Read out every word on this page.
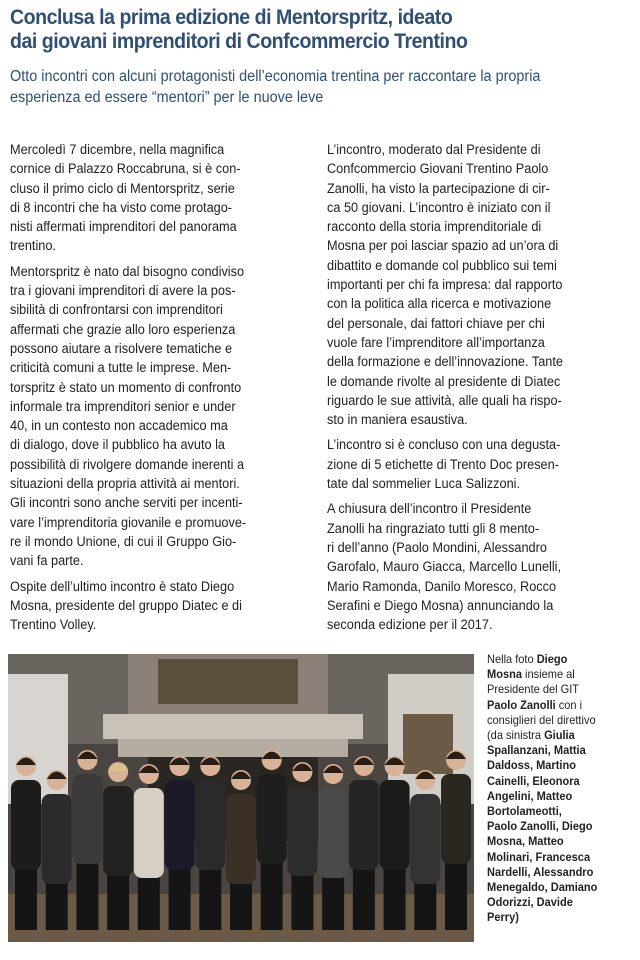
Conclusa la prima edizione di Mentorspritz, ideato
dai giovani imprenditori di Confcommercio Trentino
Otto incontri con alcuni protagonisti dell’economia trentina per raccontare la propria
esperienza ed essere “mentori” per le nuove leve

Mercoledì 7 dicembre, nella magnifica
cornice di Palazzo Roccabruna, si è con-
cluso il primo ciclo di Mentorspritz, serie
di 8 incontri che ha visto come protago-
nisti affermati imprenditori del panorama
trentino.

Mentorspritz è nato dal bisogno condiviso
tra i giovani imprenditori di avere la pos-
sibilità di confrontarsi con imprenditori
affermati che grazie allo loro esperienza
possono aiutare a risolvere tematiche e
criticità comuni a tutte le imprese. Men-
torspritz è stato un momento di confronto
informale tra imprenditori senior e under
40, in un contesto non accademico ma
di dialogo, dove il pubblico ha avuto la
possibilità di rivolgere domande inerenti a
situazioni della propria attività ai mentori.
Gli incontri sono anche serviti per incenti-
vare l’imprenditoria giovanile e promuove-
re il mondo Unione, di cui il Gruppo Gio-
vani fa parte.

Ospite dell’ultimo incontro è stato Diego
Mosna, presidente del gruppo Diatec e di
Trentino Volley.

L’incontro, moderato dal Presidente di
Confcommercio Giovani Trentino Paolo
Zanolli, ha visto la partecipazione di cir-
ca 50 giovani. L’incontro è iniziato con il
racconto della storia imprenditoriale di
Mosna per poi lasciar spazio ad un’ora di
dibattito e domande col pubblico sui temi
importanti per chi fa impresa: dal rapporto
con la politica alla ricerca e motivazione
del personale, dai fattori chiave per chi
vuole fare l’imprenditore all’importanza
della formazione e dell’innovazione. Tante
le domande rivolte al presidente di Diatec
riguardo le sue attività, alle quali ha rispo-
sto in maniera esaustiva.

L’incontro si è concluso con una degusta-
zione di 5 etichette di Trento Doc presen-
tate dal sommelier Luca Salizzoni.

A chiusura dell’incontro il Presidente
Zanolli ha ringraziato tutti gli 8 mento-
ri dell’anno (Paolo Mondini, Alessandro
Garofalo, Mauro Giacca, Marcello Lunelli,
Mario Ramonda, Danilo Moresco, Rocco
Serafini e Diego Mosna) annunciando la
seconda edizione per il 2017.

Nella foto Diego
Mosna insieme al
Presidente del GIT
Paolo Zanolli con i
consiglieri del direttivo
(da sinistra Giulia
Spallanzani, Mattia
Daldoss, Martino
Cainelli, Eleonora
Angelini, Matteo
Bortolameotti,
Paolo Zanolli, Diego
Mosna, Matteo
Molinari, Francesca
Nardelli, Alessandro
Menegaldo, Damiano
Odorizzi, Davide
Perry)
